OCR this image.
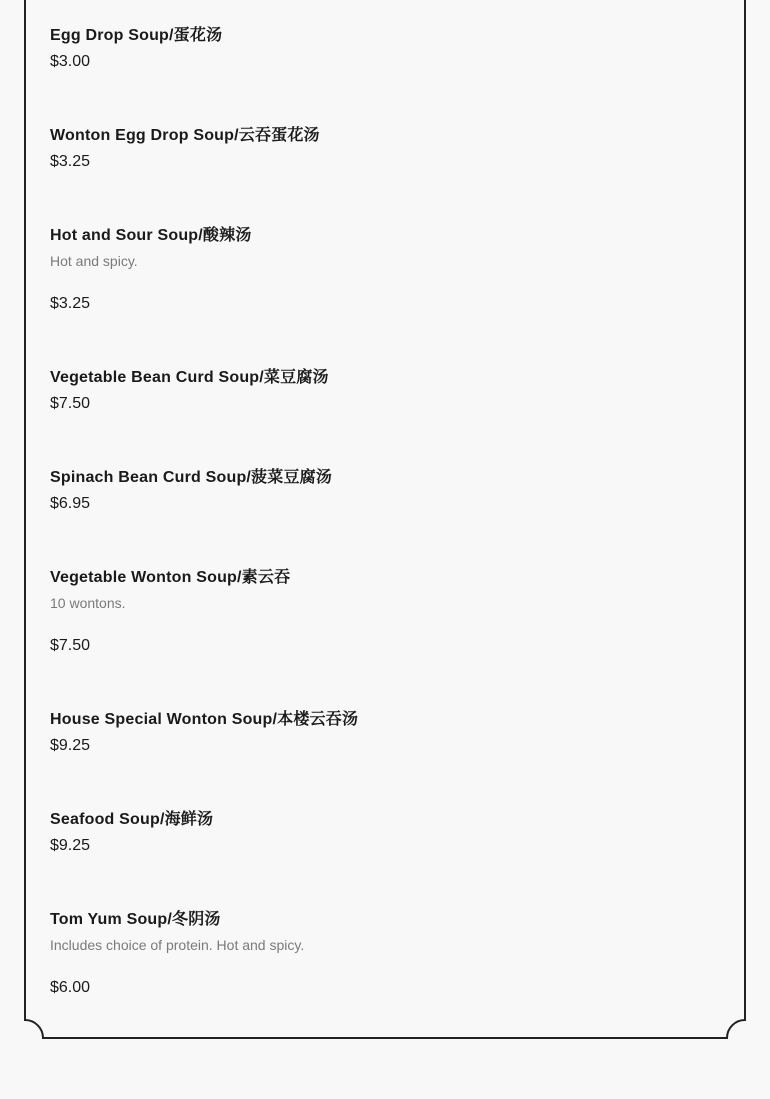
Egg Drop Soup/蛋花汤
$3.00
Wonton Egg Drop Soup/云吞蛋花汤
$3.25
Hot and Sour Soup/酸辣汤
Hot and spicy.
$3.25
Vegetable Bean Curd Soup/菜豆腐汤
$7.50
Spinach Bean Curd Soup/菠菜豆腐汤
$6.95
Vegetable Wonton Soup/素云吞
10 wontons.
$7.50
House Special Wonton Soup/本楼云吞汤
$9.25
Seafood Soup/海鲜汤
$9.25
Tom Yum Soup/冬阴汤
Includes choice of protein. Hot and spicy.
$6.00
